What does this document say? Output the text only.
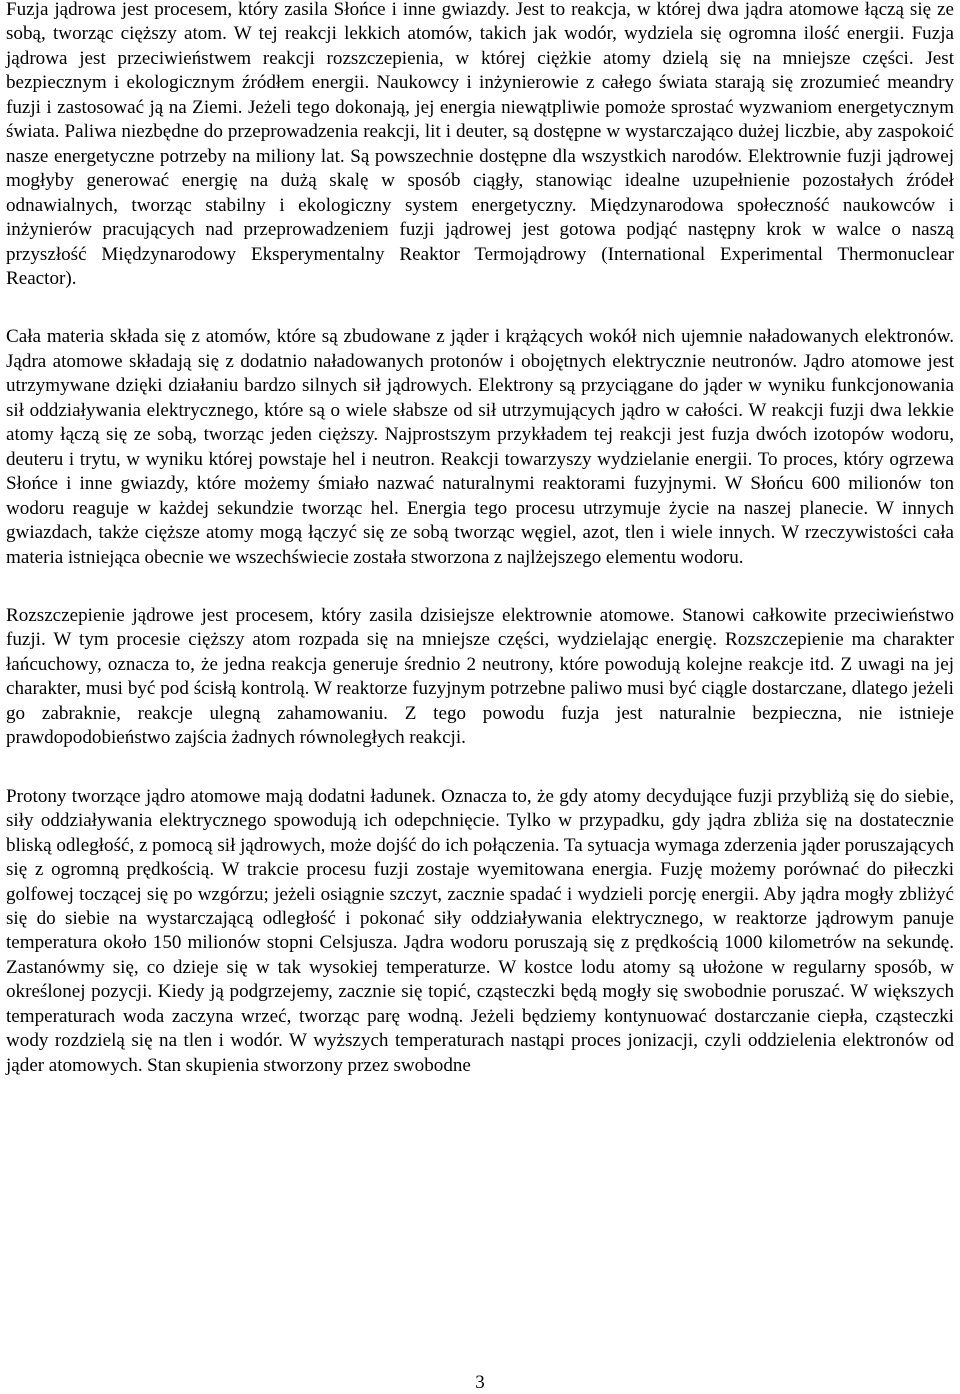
Fuzja jądrowa jest procesem, który zasila Słońce i inne gwiazdy. Jest to reakcja, w której dwa jądra atomowe łączą się ze sobą, tworząc cięższy atom. W tej reakcji lekkich atomów, takich jak wodór, wydziela się ogromna ilość energii. Fuzja jądrowa jest przeciwieństwem reakcji rozszczepienia, w której ciężkie atomy dzielą się na mniejsze części. Jest bezpiecznym i ekologicznym źródłem energii. Naukowcy i inżynierowie z całego świata starają się zrozumieć meandry fuzji i zastosować ją na Ziemi. Jeżeli tego dokonają, jej energia niewątpliwie pomoże sprostać wyzwaniom energetycznym świata. Paliwa niezbędne do przeprowadzenia reakcji, lit i deuter, są dostępne w wystarczająco dużej liczbie, aby zaspokoić nasze energetyczne potrzeby na miliony lat. Są powszechnie dostępne dla wszystkich narodów. Elektrownie fuzji jądrowej mogłyby generować energię na dużą skalę w sposób ciągły, stanowiąc idealne uzupełnienie pozostałych źródeł odnawialnych, tworząc stabilny i ekologiczny system energetyczny. Międzynarodowa społeczność naukowców i inżynierów pracujących nad przeprowadzeniem fuzji jądrowej jest gotowa podjąć następny krok w walce o naszą przyszłość Międzynarodowy Eksperymentalny Reaktor Termojądrowy (International Experimental Thermonuclear Reactor).

Cała materia składa się z atomów, które są zbudowane z jąder i krążących wokół nich ujemnie naładowanych elektronów. Jądra atomowe składają się z dodatnio naładowanych protonów i obojętnych elektrycznie neutronów. Jądro atomowe jest utrzymywane dzięki działaniu bardzo silnych sił jądrowych. Elektrony są przyciągane do jąder w wyniku funkcjonowania sił oddziaływania elektrycznego, które są o wiele słabsze od sił utrzymujących jądro w całości. W reakcji fuzji dwa lekkie atomy łączą się ze sobą, tworząc jeden cięższy. Najprostszym przykładem tej reakcji jest fuzja dwóch izotopów wodoru, deuteru i trytu, w wyniku której powstaje hel i neutron. Reakcji towarzyszy wydzielanie energii. To proces, który ogrzewa Słońce i inne gwiazdy, które możemy śmiało nazwać naturalnymi reaktorami fuzyjnymi. W Słońcu 600 milionów ton wodoru reaguje w każdej sekundzie tworząc hel. Energia tego procesu utrzymuje życie na naszej planecie. W innych gwiazdach, także cięższe atomy mogą łączyć się ze sobą tworząc węgiel, azot, tlen i wiele innych. W rzeczywistości cała materia istniejąca obecnie we wszechświecie została stworzona z najlżejszego elementu wodoru.

Rozszczepienie jądrowe jest procesem, który zasila dzisiejsze elektrownie atomowe. Stanowi całkowite przeciwieństwo fuzji. W tym procesie cięższy atom rozpada się na mniejsze części, wydzielając energię. Rozszczepienie ma charakter łańcuchowy, oznacza to, że jedna reakcja generuje średnio 2 neutrony, które powodują kolejne reakcje itd. Z uwagi na jej charakter, musi być pod ścisłą kontrolą. W reaktorze fuzyjnym potrzebne paliwo musi być ciągle dostarczane, dlatego jeżeli go zabraknie, reakcje ulegną zahamowaniu. Z tego powodu fuzja jest naturalnie bezpieczna, nie istnieje prawdopodobieństwo zajścia żadnych równoległych reakcji.

Protony tworzące jądro atomowe mają dodatni ładunek. Oznacza to, że gdy atomy decydujące fuzji przybliżą się do siebie, siły oddziaływania elektrycznego spowodują ich odepchnięcie. Tylko w przypadku, gdy jądra zbliża się na dostatecznie bliską odległość, z pomocą sił jądrowych, może dojść do ich połączenia. Ta sytuacja wymaga zderzenia jąder poruszających się z ogromną prędkością. W trakcie procesu fuzji zostaje wyemitowana energia. Fuzję możemy porównać do piłeczki golfowej toczącej się po wzgórzu; jeżeli osiągnie szczyt, zacznie spadać i wydzieli porcję energii. Aby jądra mogły zbliżyć się do siebie na wystarczającą odległość i pokonać siły oddziaływania elektrycznego, w reaktorze jądrowym panuje temperatura około 150 milionów stopni Celsjusza. Jądra wodoru poruszają się z prędkością 1000 kilometrów na sekundę. Zastanówmy się, co dzieje się w tak wysokiej temperaturze. W kostce lodu atomy są ułożone w regularny sposób, w określonej pozycji. Kiedy ją podgrzejemy, zacznie się topić, cząsteczki będą mogły się swobodnie poruszać. W większych temperaturach woda zaczyna wrzeć, tworząc parę wodną. Jeżeli będziemy kontynuować dostarczanie ciepła, cząsteczki wody rozdzielą się na tlen i wodór. W wyższych temperaturach nastąpi proces jonizacji, czyli oddzielenia elektronów od jąder atomowych. Stan skupienia stworzony przez swobodne

3
